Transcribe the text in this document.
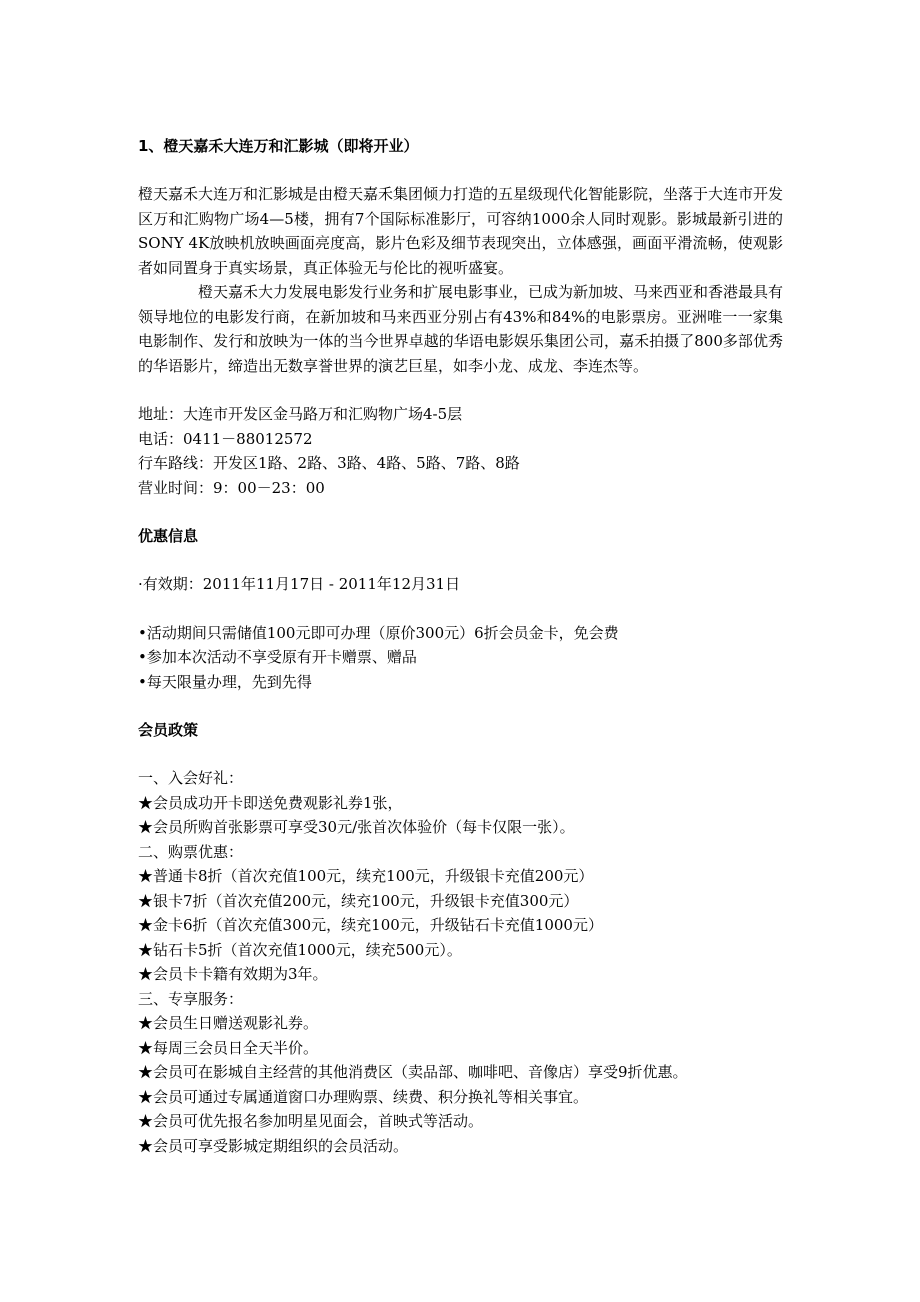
1、橙天嘉禾大连万和汇影城（即将开业）

橙天嘉禾大连万和汇影城是由橙天嘉禾集团倾力打造的五星级现代化智能影院，坐落于大连市开发区万和汇购物广场4—5楼，拥有7个国际标准影厅，可容纳1000余人同时观影。影城最新引进的SONY 4K放映机放映画面亮度高，影片色彩及细节表现突出，立体感强，画面平滑流畅，使观影者如同置身于真实场景，真正体验无与伦比的视听盛宴。

橙天嘉禾大力发展电影发行业务和扩展电影事业，已成为新加坡、马来西亚和香港最具有领导地位的电影发行商，在新加坡和马来西亚分别占有43%和84%的电影票房。亚洲唯一一家集电影制作、发行和放映为一体的当今世界卓越的华语电影娱乐集团公司，嘉禾拍摄了800多部优秀的华语影片，缔造出无数享誉世界的演艺巨星，如李小龙、成龙、李连杰等。

地址：大连市开发区金马路万和汇购物广场4-5层

电话：0411－88012572

行车路线：开发区1路、2路、3路、4路、5路、7路、8路

营业时间：9：00－23：00

优惠信息

·有效期：2011年11月17日 - 2011年12月31日

•活动期间只需储值100元即可办理（原价300元）6折会员金卡，免会费

•参加本次活动不享受原有开卡赠票、赠品

•每天限量办理，先到先得

会员政策

一、入会好礼：

★会员成功开卡即送免费观影礼券1张，

★会员所购首张影票可享受30元/张首次体验价（每卡仅限一张）。

二、购票优惠：

★普通卡8折（首次充值100元，续充100元，升级银卡充值200元）

★银卡7折（首次充值200元，续充100元，升级银卡充值300元）

★金卡6折（首次充值300元，续充100元，升级钻石卡充值1000元）

★钻石卡5折（首次充值1000元，续充500元）。

★会员卡卡籍有效期为3年。

三、专享服务：

★会员生日赠送观影礼券。

★每周三会员日全天半价。

★会员可在影城自主经营的其他消费区（卖品部、咖啡吧、音像店）享受9折优惠。

★会员可通过专属通道窗口办理购票、续费、积分换礼等相关事宜。

★会员可优先报名参加明星见面会，首映式等活动。

★会员可享受影城定期组织的会员活动。
